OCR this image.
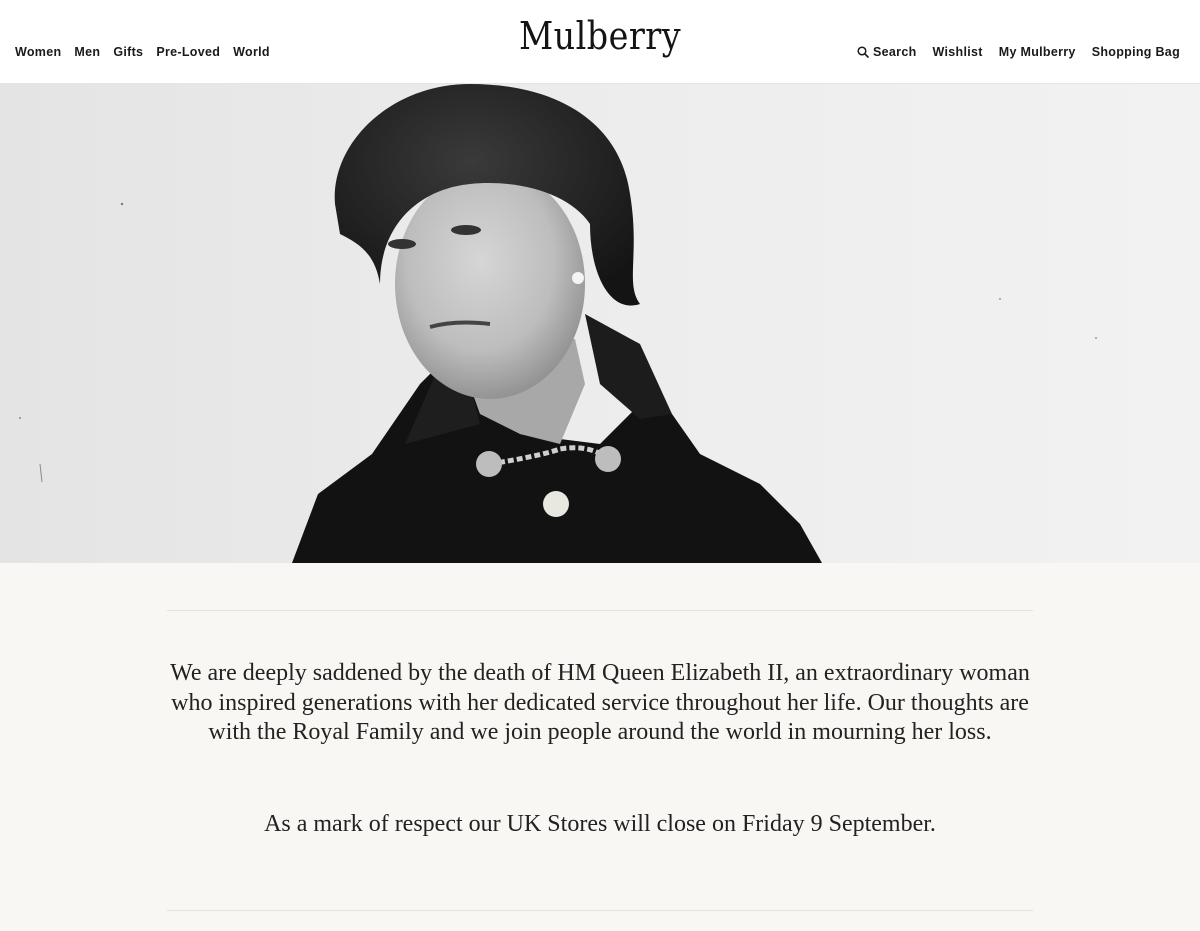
Women Men Gifts Pre-Loved World	Mulberry	Search Wishlist My Mulberry Shopping Bag

We are deeply saddened by the death of HM Queen Elizabeth II, an extraordinary woman who inspired generations with her dedicated service throughout her life. Our thoughts are with the Royal Family and we join people around the world in mourning her loss.

As a mark of respect our UK Stores will close on Friday 9 September.
